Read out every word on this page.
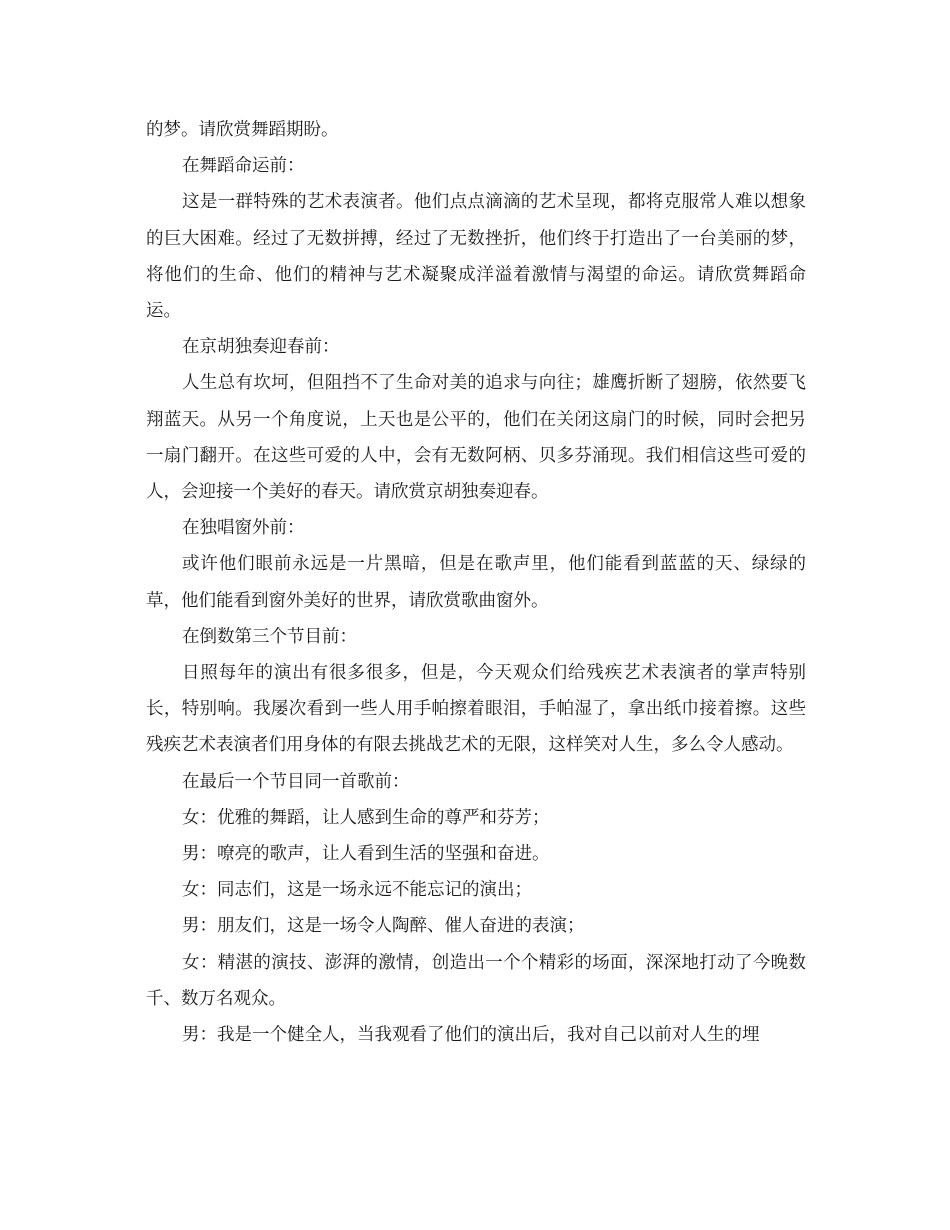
的梦。请欣赏舞蹈期盼。

在舞蹈命运前：

这是一群特殊的艺术表演者。他们点点滴滴的艺术呈现，都将克服常人难以想象的巨大困难。经过了无数拼搏，经过了无数挫折，他们终于打造出了一台美丽的梦，将他们的生命、他们的精神与艺术凝聚成洋溢着激情与渴望的命运。请欣赏舞蹈命运。

在京胡独奏迎春前：

人生总有坎坷，但阻挡不了生命对美的追求与向往；雄鹰折断了翅膀，依然要飞翔蓝天。从另一个角度说，上天也是公平的，他们在关闭这扇门的时候，同时会把另一扇门翻开。在这些可爱的人中，会有无数阿柄、贝多芬涌现。我们相信这些可爱的人，会迎接一个美好的春天。请欣赏京胡独奏迎春。

在独唱窗外前：

或许他们眼前永远是一片黑暗，但是在歌声里，他们能看到蓝蓝的天、绿绿的草，他们能看到窗外美好的世界，请欣赏歌曲窗外。

在倒数第三个节目前：

日照每年的演出有很多很多，但是，今天观众们给残疾艺术表演者的掌声特别长，特别响。我屡次看到一些人用手帕擦着眼泪，手帕湿了，拿出纸巾接着擦。这些残疾艺术表演者们用身体的有限去挑战艺术的无限，这样笑对人生，多么令人感动。

在最后一个节目同一首歌前：

女：优雅的舞蹈，让人感到生命的尊严和芬芳；

男：嘹亮的歌声，让人看到生活的坚强和奋进。

女：同志们，这是一场永远不能忘记的演出；

男：朋友们，这是一场令人陶醉、催人奋进的表演；

女：精湛的演技、澎湃的激情，创造出一个个精彩的场面，深深地打动了今晚数千、数万名观众。

男：我是一个健全人，当我观看了他们的演出后，我对自己以前对人生的埋
